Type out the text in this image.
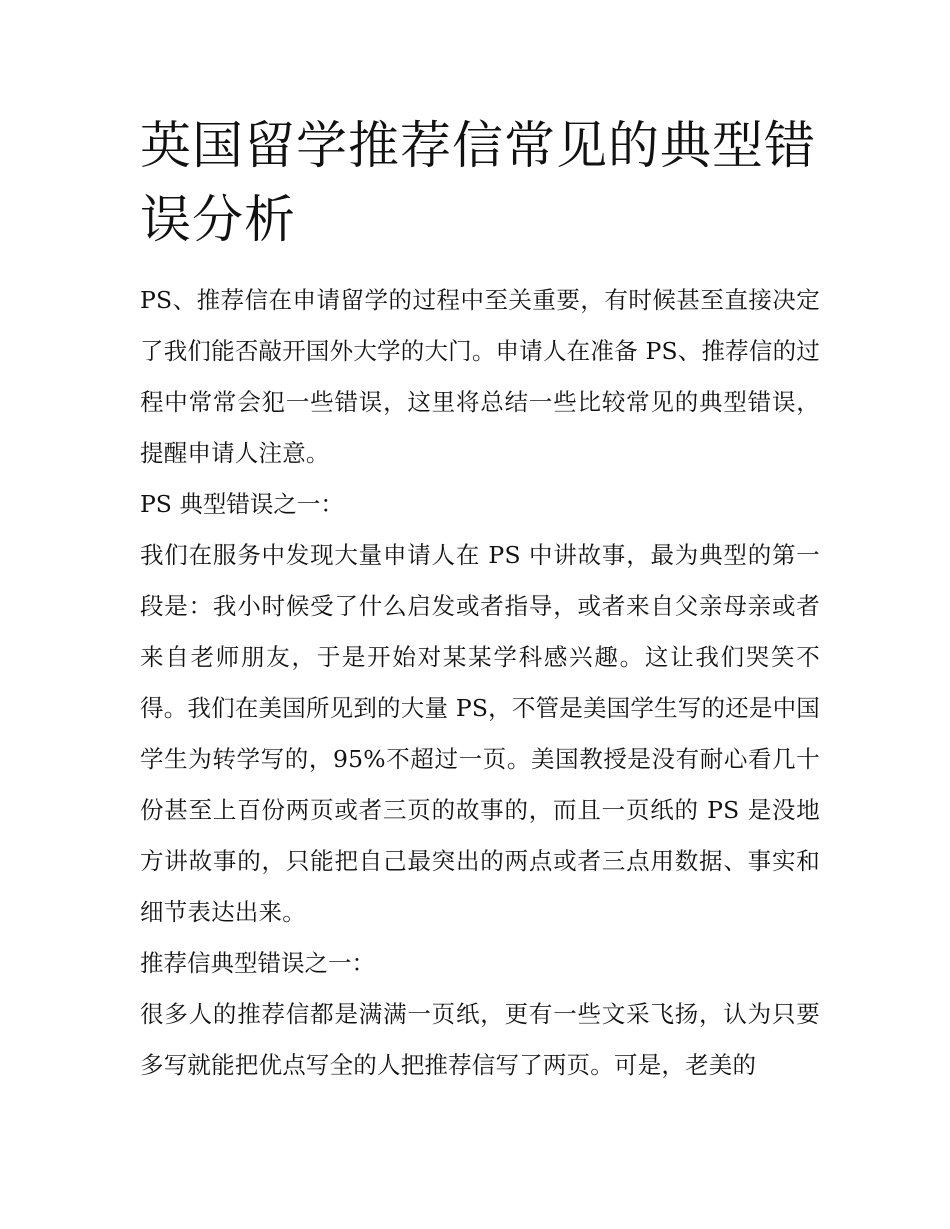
英国留学推荐信常见的典型错误分析

PS、推荐信在申请留学的过程中至关重要，有时候甚至直接决定了我们能否敲开国外大学的大门。申请人在准备 PS、推荐信的过程中常常会犯一些错误，这里将总结一些比较常见的典型错误，提醒申请人注意。

PS 典型错误之一：

我们在服务中发现大量申请人在 PS 中讲故事，最为典型的第一段是：我小时候受了什么启发或者指导，或者来自父亲母亲或者来自老师朋友，于是开始对某某学科感兴趣。这让我们哭笑不得。我们在美国所见到的大量 PS，不管是美国学生写的还是中国学生为转学写的，95%不超过一页。美国教授是没有耐心看几十份甚至上百份两页或者三页的故事的，而且一页纸的 PS 是没地方讲故事的，只能把自己最突出的两点或者三点用数据、事实和细节表达出来。

推荐信典型错误之一：

很多人的推荐信都是满满一页纸，更有一些文采飞扬，认为只要多写就能把优点写全的人把推荐信写了两页。可是，老美的
